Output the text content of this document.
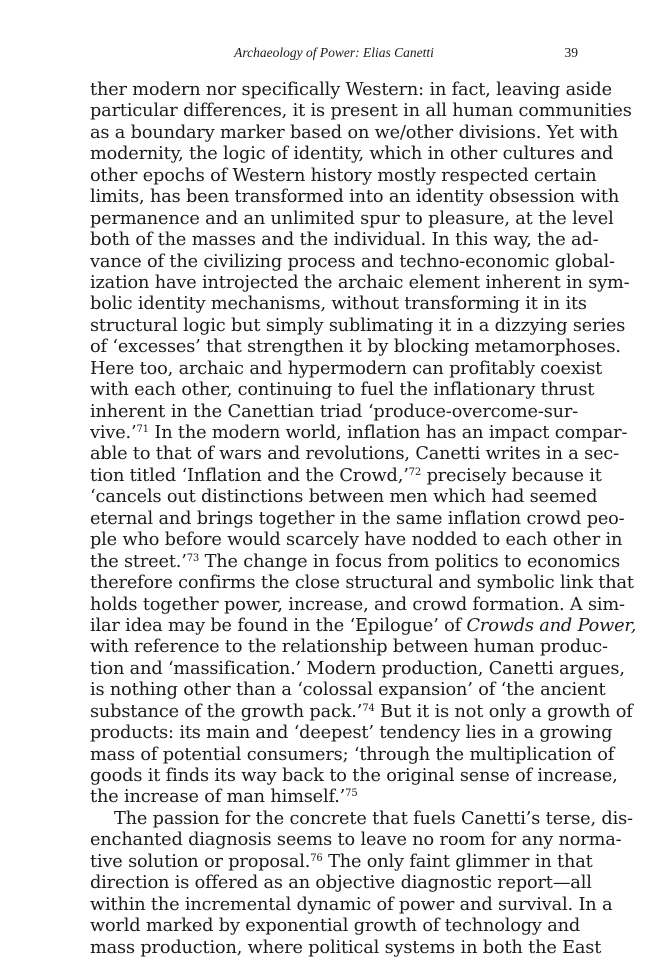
Archaeology of Power: Elias Canetti	39
ther modern nor specifically Western: in fact, leaving aside
particular differences, it is present in all human communities
as a boundary marker based on we/other divisions. Yet with
modernity, the logic of identity, which in other cultures and
other epochs of Western history mostly respected certain
limits, has been transformed into an identity obsession with
permanence and an unlimited spur to pleasure, at the level
both of the masses and the individual. In this way, the ad-
vance of the civilizing process and techno-economic global-
ization have introjected the archaic element inherent in sym-
bolic identity mechanisms, without transforming it in its
structural logic but simply sublimating it in a dizzying series
of ‘excesses’ that strengthen it by blocking metamorphoses.
Here too, archaic and hypermodern can profitably coexist
with each other, continuing to fuel the inflationary thrust
inherent in the Canettian triad ‘produce-overcome-sur-
vive.’$^{71}$ In the modern world, inflation has an impact compar-
able to that of wars and revolutions, Canetti writes in a sec-
tion titled ‘Inflation and the Crowd,’$^{72}$ precisely because it
‘cancels out distinctions between men which had seemed
eternal and brings together in the same inflation crowd peo-
ple who before would scarcely have nodded to each other in
the street.’$^{73}$ The change in focus from politics to economics
therefore confirms the close structural and symbolic link that
holds together power, increase, and crowd formation. A sim-
ilar idea may be found in the ‘Epilogue’ of Crowds and Power,
with reference to the relationship between human produc-
tion and ‘massification.’ Modern production, Canetti argues,
is nothing other than a ‘colossal expansion’ of ‘the ancient
substance of the growth pack.’$^{74}$ But it is not only a growth of
products: its main and ‘deepest’ tendency lies in a growing
mass of potential consumers; ‘through the multiplication of
goods it finds its way back to the original sense of increase,
the increase of man himself.’$^{75}$
The passion for the concrete that fuels Canetti’s terse, dis-
enchanted diagnosis seems to leave no room for any norma-
tive solution or proposal.$^{76}$ The only faint glimmer in that
direction is offered as an objective diagnostic report—all
within the incremental dynamic of power and survival. In a
world marked by exponential growth of technology and
mass production, where political systems in both the East
